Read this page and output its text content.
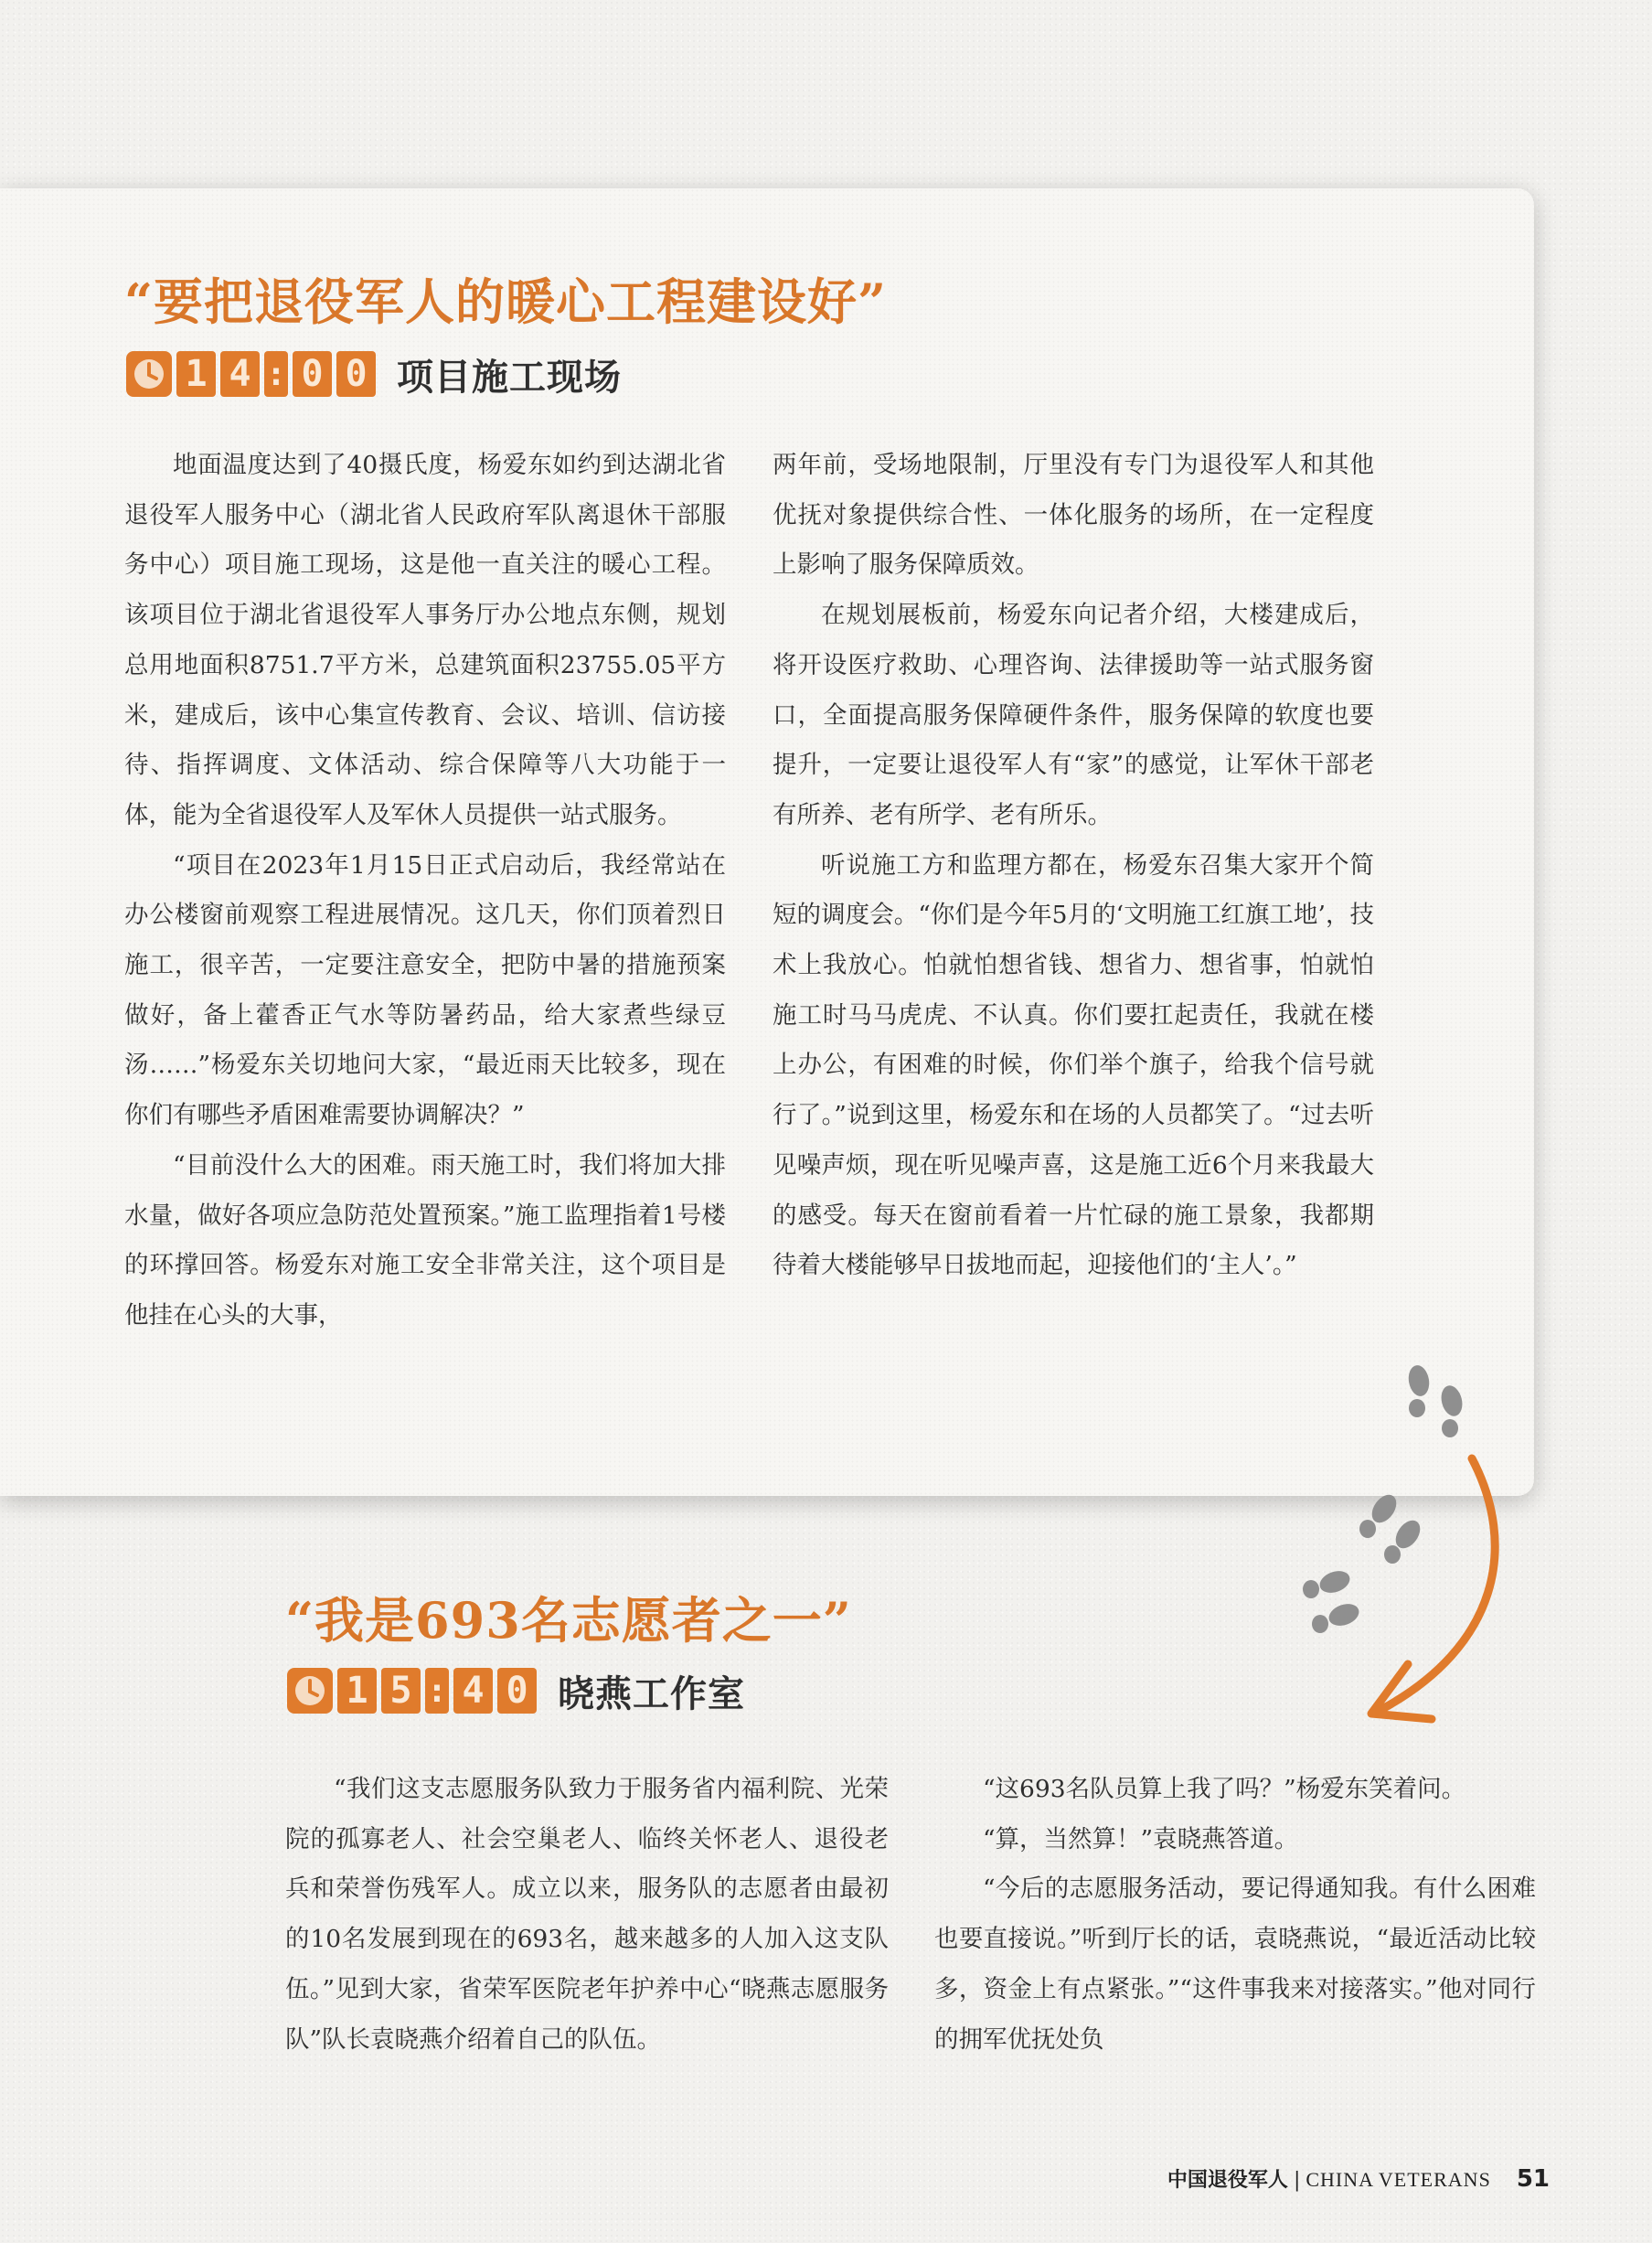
“要把退役军人的暖心工程建设好”
1 4 : 0 0 项目施工现场

地面温度达到了40摄氏度，杨爱东如约到达湖北省退役军人服务中心（湖北省人民政府军队离退休干部服务中心）项目施工现场，这是他一直关注的暖心工程。该项目位于湖北省退役军人事务厅办公地点东侧，规划总用地面积8751.7平方米，总建筑面积23755.05平方米，建成后，该中心集宣传教育、会议、培训、信访接待、指挥调度、文体活动、综合保障等八大功能于一体，能为全省退役军人及军休人员提供一站式服务。

“项目在2023年1月15日正式启动后，我经常站在办公楼窗前观察工程进展情况。这几天，你们顶着烈日施工，很辛苦，一定要注意安全，把防中暑的措施预案做好，备上藿香正气水等防暑药品，给大家煮些绿豆汤……”杨爱东关切地问大家，“最近雨天比较多，现在你们有哪些矛盾困难需要协调解决？”

“目前没什么大的困难。雨天施工时，我们将加大排水量，做好各项应急防范处置预案。”施工监理指着1号楼的环撑回答。杨爱东对施工安全非常关注，这个项目是他挂在心头的大事，

两年前，受场地限制，厅里没有专门为退役军人和其他优抚对象提供综合性、一体化服务的场所，在一定程度上影响了服务保障质效。

在规划展板前，杨爱东向记者介绍，大楼建成后，将开设医疗救助、心理咨询、法律援助等一站式服务窗口，全面提高服务保障硬件条件，服务保障的软度也要提升，一定要让退役军人有“家”的感觉，让军休干部老有所养、老有所学、老有所乐。

听说施工方和监理方都在，杨爱东召集大家开个简短的调度会。“你们是今年5月的‘文明施工红旗工地’，技术上我放心。怕就怕想省钱、想省力、想省事，怕就怕施工时马马虎虎、不认真。你们要扛起责任，我就在楼上办公，有困难的时候，你们举个旗子，给我个信号就行了。”说到这里，杨爱东和在场的人员都笑了。“过去听见噪声烦，现在听见噪声喜，这是施工近6个月来我最大的感受。每天在窗前看着一片忙碌的施工景象，我都期待着大楼能够早日拔地而起，迎接他们的‘主人’。”

“我是693名志愿者之一”
1 5 : 4 0 晓燕工作室

“我们这支志愿服务队致力于服务省内福利院、光荣院的孤寡老人、社会空巢老人、临终关怀老人、退役老兵和荣誉伤残军人。成立以来，服务队的志愿者由最初的10名发展到现在的693名，越来越多的人加入这支队伍。”见到大家，省荣军医院老年护养中心“晓燕志愿服务队”队长袁晓燕介绍着自己的队伍。

“这693名队员算上我了吗？”杨爱东笑着问。

“算，当然算！”袁晓燕答道。

“今后的志愿服务活动，要记得通知我。有什么困难也要直接说。”听到厅长的话，袁晓燕说，“最近活动比较多，资金上有点紧张。”“这件事我来对接落实。”他对同行的拥军优抚处负

中国退役军人 | CHINA VETERANS 51
